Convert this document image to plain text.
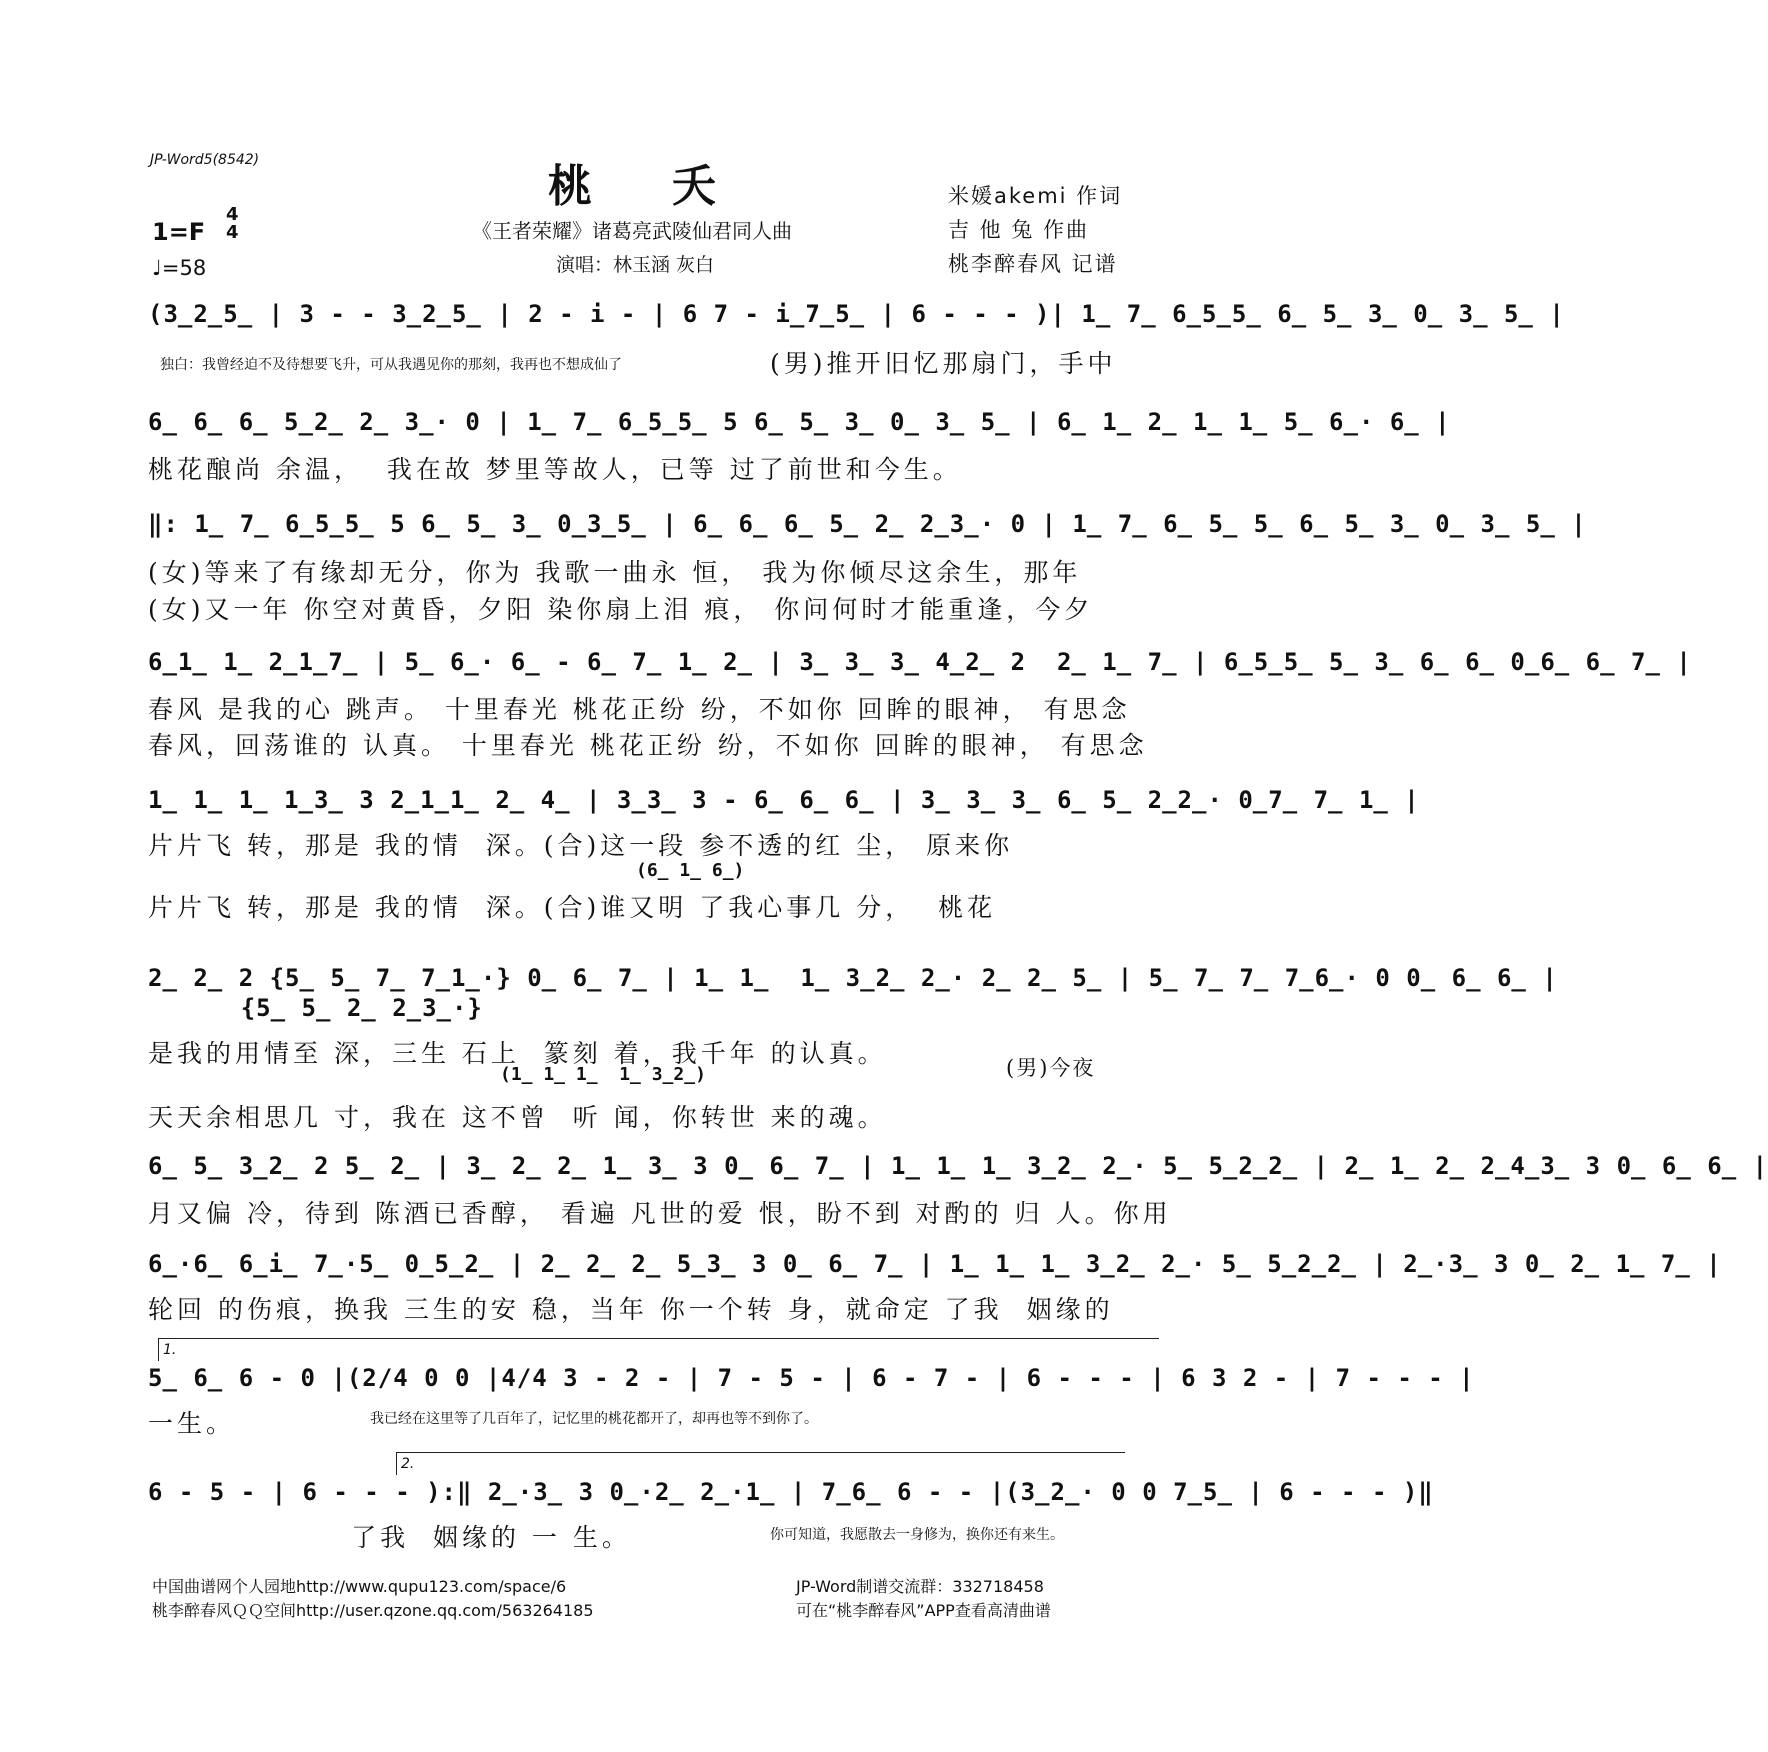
JP-Word5(8542)
桃夭
《王者荣耀》诸葛亮武陵仙君同人曲
演唱：林玉涵 灰白
米媛akemi 作词
吉 他 兔 作曲
桃李醉春风 记谱
1=F
4
4
♩=58
(3̲2̲5̲ | 3 - - 3̲2̲5̲ | 2 - i - | 6 7 - i̲7̲5̲ | 6 - - - )| 1̲ 7̲ 6̲5̲5̲ 6̲ 5̲ 3̲ 0̲ 3̲ 5̲ |
独白：我曾经迫不及待想要飞升，可从我遇见你的那刻，我再也不想成仙了	(男)推开旧忆那扇门，手中
6̲ 6̲ 6̲ 5̲2̲ 2̲ 3̲· 0 | 1̲ 7̲ 6̲5̲5̲ 5 6̲ 5̲ 3̲ 0̲ 3̲ 5̲ | 6̲ 1̲ 2̲ 1̲ 1̲ 5̲ 6̲· 6̲ |
桃花酿尚 余温，  我在故 梦里等故人，已等 过了前世和今生。
‖: 1̲ 7̲ 6̲5̲5̲ 5 6̲ 5̲ 3̲ 0̲3̲5̲ | 6̲ 6̲ 6̲ 5̲ 2̲ 2̲3̲· 0 | 1̲ 7̲ 6̲ 5̲ 5̲ 6̲ 5̲ 3̲ 0̲ 3̲ 5̲ |
(女)等来了有缘却无分，你为 我歌一曲永 恒， 我为你倾尽这余生，那年
(女)又一年 你空对黄昏，夕阳 染你扇上泪 痕， 你问何时才能重逢，今夕
6̲1̲ 1̲ 2̲1̲7̲ | 5̲ 6̲· 6̲ - 6̲ 7̲ 1̲ 2̲ | 3̲ 3̲ 3̲ 4̲2̲ 2  2̲ 1̲ 7̲ | 6̲5̲5̲ 5̲ 3̲ 6̲ 6̲ 0̲6̲ 6̲ 7̲ |
春风 是我的心 跳声。 十里春光 桃花正纷 纷，不如你 回眸的眼神， 有思念
春风，回荡谁的 认真。 十里春光 桃花正纷 纷，不如你 回眸的眼神， 有思念
1̲ 1̲ 1̲ 1̲3̲ 3 2̲1̲1̲ 2̲ 4̲ | 3̲3̲ 3 - 6̲ 6̲ 6̲ | 3̲ 3̲ 3̲ 6̲ 5̲ 2̲2̲· 0̲7̲ 7̲ 1̲ |
片片飞 转，那是 我的情  深。(合)这一段 参不透的红 尘， 原来你
(6̲ 1̲ 6̲)
片片飞 转，那是 我的情  深。(合)谁又明 了我心事几 分，  桃花
2̲ 2̲ 2 {5̲ 5̲ 7̲ 7̲1̲·} 0̲ 6̲ 7̲ | 1̲ 1̲  1̲ 3̲2̲ 2̲· 2̲ 2̲ 5̲ | 5̲ 7̲ 7̲ 7̲6̲· 0 0̲ 6̲ 6̲ |
{5̲ 5̲ 2̲ 2̲3̲·}
是我的用情至 深，三生 石上  篆刻 着，我千年 的认真。
(1̲ 1̲ 1̲  1̲ 3̲2̲)
天天余相思几 寸，我在 这不曾  听 闻，你转世 来的魂。
(男)今夜
6̲ 5̲ 3̲2̲ 2 5̲ 2̲ | 3̲ 2̲ 2̲ 1̲ 3̲ 3 0̲ 6̲ 7̲ | 1̲ 1̲ 1̲ 3̲2̲ 2̲· 5̲ 5̲2̲2̲ | 2̲ 1̲ 2̲ 2̲4̲3̲ 3 0̲ 6̲ 6̲ |
月又偏 冷，待到 陈酒已香醇， 看遍 凡世的爱 恨，盼不到 对酌的 归 人。你用
6̲·6̲ 6̲i̲ 7̲·5̲ 0̲5̲2̲ | 2̲ 2̲ 2̲ 5̲3̲ 3 0̲ 6̲ 7̲ | 1̲ 1̲ 1̲ 3̲2̲ 2̲· 5̲ 5̲2̲2̲ | 2̲·3̲ 3 0̲ 2̲ 1̲ 7̲ |
轮回 的伤痕，换我 三生的安 稳，当年 你一个转 身，就命定 了我  姻缘的
1.
5̲ 6̲ 6 - 0 |(2/4 0 0 |4/4 3 - 2 - | 7 - 5 - | 6 - 7 - | 6 - - - | 6 3 2 - | 7 - - - |
一生。	我已经在这里等了几百年了，记忆里的桃花都开了，却再也等不到你了。
2.
6 - 5 - | 6 - - - ):‖ 2̲·3̲ 3 0̲·2̲ 2̲·1̲ | 7̲6̲ 6 - - |(3̲2̲· 0 0 7̲5̲ | 6 - - - )‖
了我  姻缘的 一 生。	你可知道，我愿散去一身修为，换你还有来生。
中国曲谱网个人园地http://www.qupu123.com/space/6
桃李醉春风ＱＱ空间http://user.qzone.qq.com/563264185
JP-Word制谱交流群：332718458
可在“桃李醉春风”APP查看高清曲谱
